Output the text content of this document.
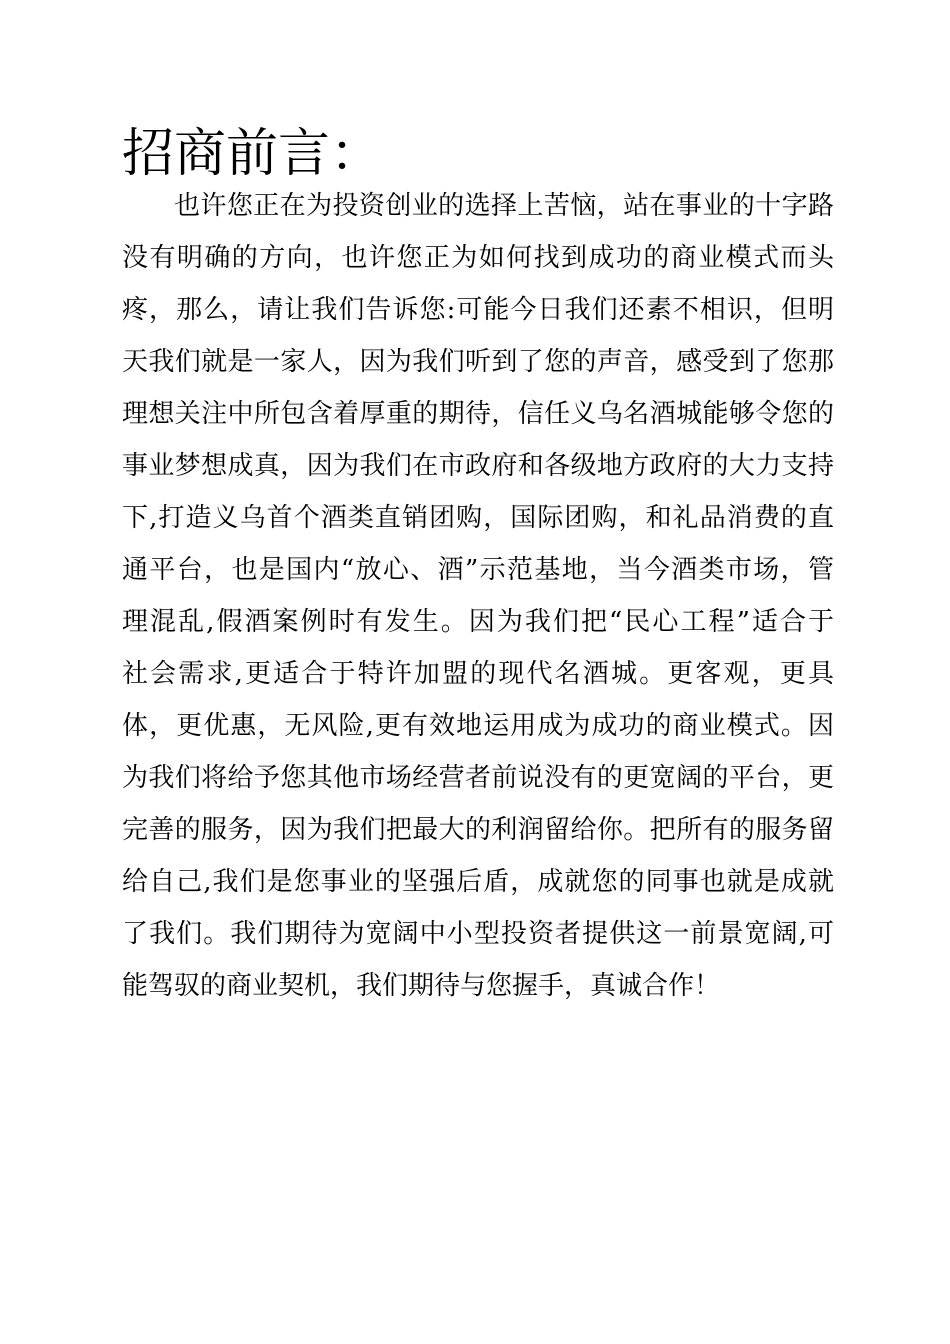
招商前言：

也许您正在为投资创业的选择上苦恼，站在事业的十字路
没有明确的方向，也许您正为如何找到成功的商业模式而头
疼，那么，请让我们告诉您:可能今日我们还素不相识，但明
天我们就是一家人，因为我们听到了您的声音，感受到了您那
理想关注中所包含着厚重的期待，信任义乌名酒城能够令您的
事业梦想成真，因为我们在市政府和各级地方政府的大力支持
下,打造义乌首个酒类直销团购，国际团购，和礼品消费的直
通平台，也是国内“放心、酒”示范基地，当今酒类市场，管
理混乱,假酒案例时有发生。因为我们把“民心工程”适合于
社会需求,更适合于特许加盟的现代名酒城。更客观，更具
体，更优惠，无风险,更有效地运用成为成功的商业模式。因
为我们将给予您其他市场经营者前说没有的更宽阔的平台，更
完善的服务，因为我们把最大的利润留给你。把所有的服务留
给自己,我们是您事业的坚强后盾，成就您的同事也就是成就
了我们。我们期待为宽阔中小型投资者提供这一前景宽阔,可
能驾驭的商业契机，我们期待与您握手，真诚合作！
